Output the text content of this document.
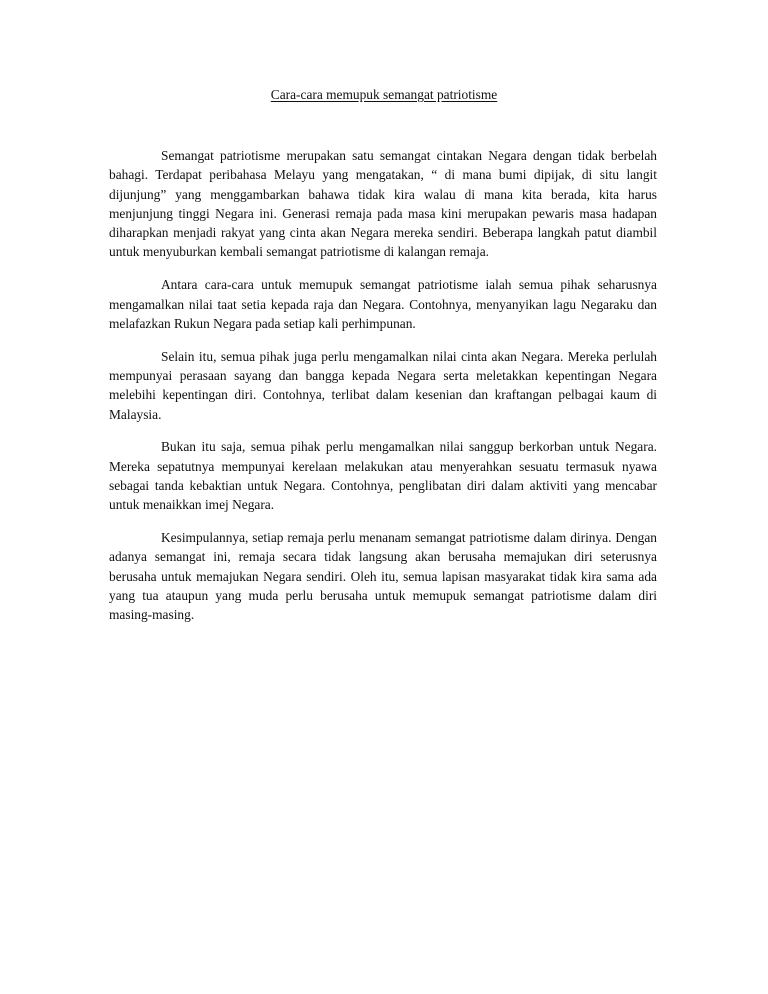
Cara-cara memupuk semangat patriotisme

Semangat patriotisme merupakan satu semangat cintakan Negara dengan tidak berbelah bahagi. Terdapat peribahasa Melayu yang mengatakan, “ di mana bumi dipijak, di situ langit dijunjung” yang menggambarkan bahawa tidak kira walau di mana kita berada, kita harus menjunjung tinggi Negara ini. Generasi remaja pada masa kini merupakan pewaris masa hadapan diharapkan menjadi rakyat yang cinta akan Negara mereka sendiri. Beberapa langkah patut diambil untuk menyuburkan kembali semangat patriotisme di kalangan remaja.

Antara cara-cara untuk memupuk semangat patriotisme ialah semua pihak seharusnya mengamalkan nilai taat setia kepada raja dan Negara. Contohnya, menyanyikan lagu Negaraku dan melafazkan Rukun Negara pada setiap kali perhimpunan.

Selain itu, semua pihak juga perlu mengamalkan nilai cinta akan Negara. Mereka perlulah mempunyai perasaan sayang dan bangga kepada Negara serta meletakkan kepentingan Negara melebihi kepentingan diri. Contohnya, terlibat dalam kesenian dan kraftangan pelbagai kaum di Malaysia.

Bukan itu saja, semua pihak perlu mengamalkan nilai sanggup berkorban untuk Negara. Mereka sepatutnya mempunyai kerelaan melakukan atau menyerahkan sesuatu termasuk nyawa sebagai tanda kebaktian untuk Negara. Contohnya, penglibatan diri dalam aktiviti yang mencabar untuk menaikkan imej Negara.

Kesimpulannya, setiap remaja perlu menanam semangat patriotisme dalam dirinya. Dengan adanya semangat ini, remaja secara tidak langsung akan berusaha memajukan diri seterusnya berusaha untuk memajukan Negara sendiri. Oleh itu, semua lapisan masyarakat tidak kira sama ada yang tua ataupun yang muda perlu berusaha untuk memupuk semangat patriotisme dalam diri masing-masing.
